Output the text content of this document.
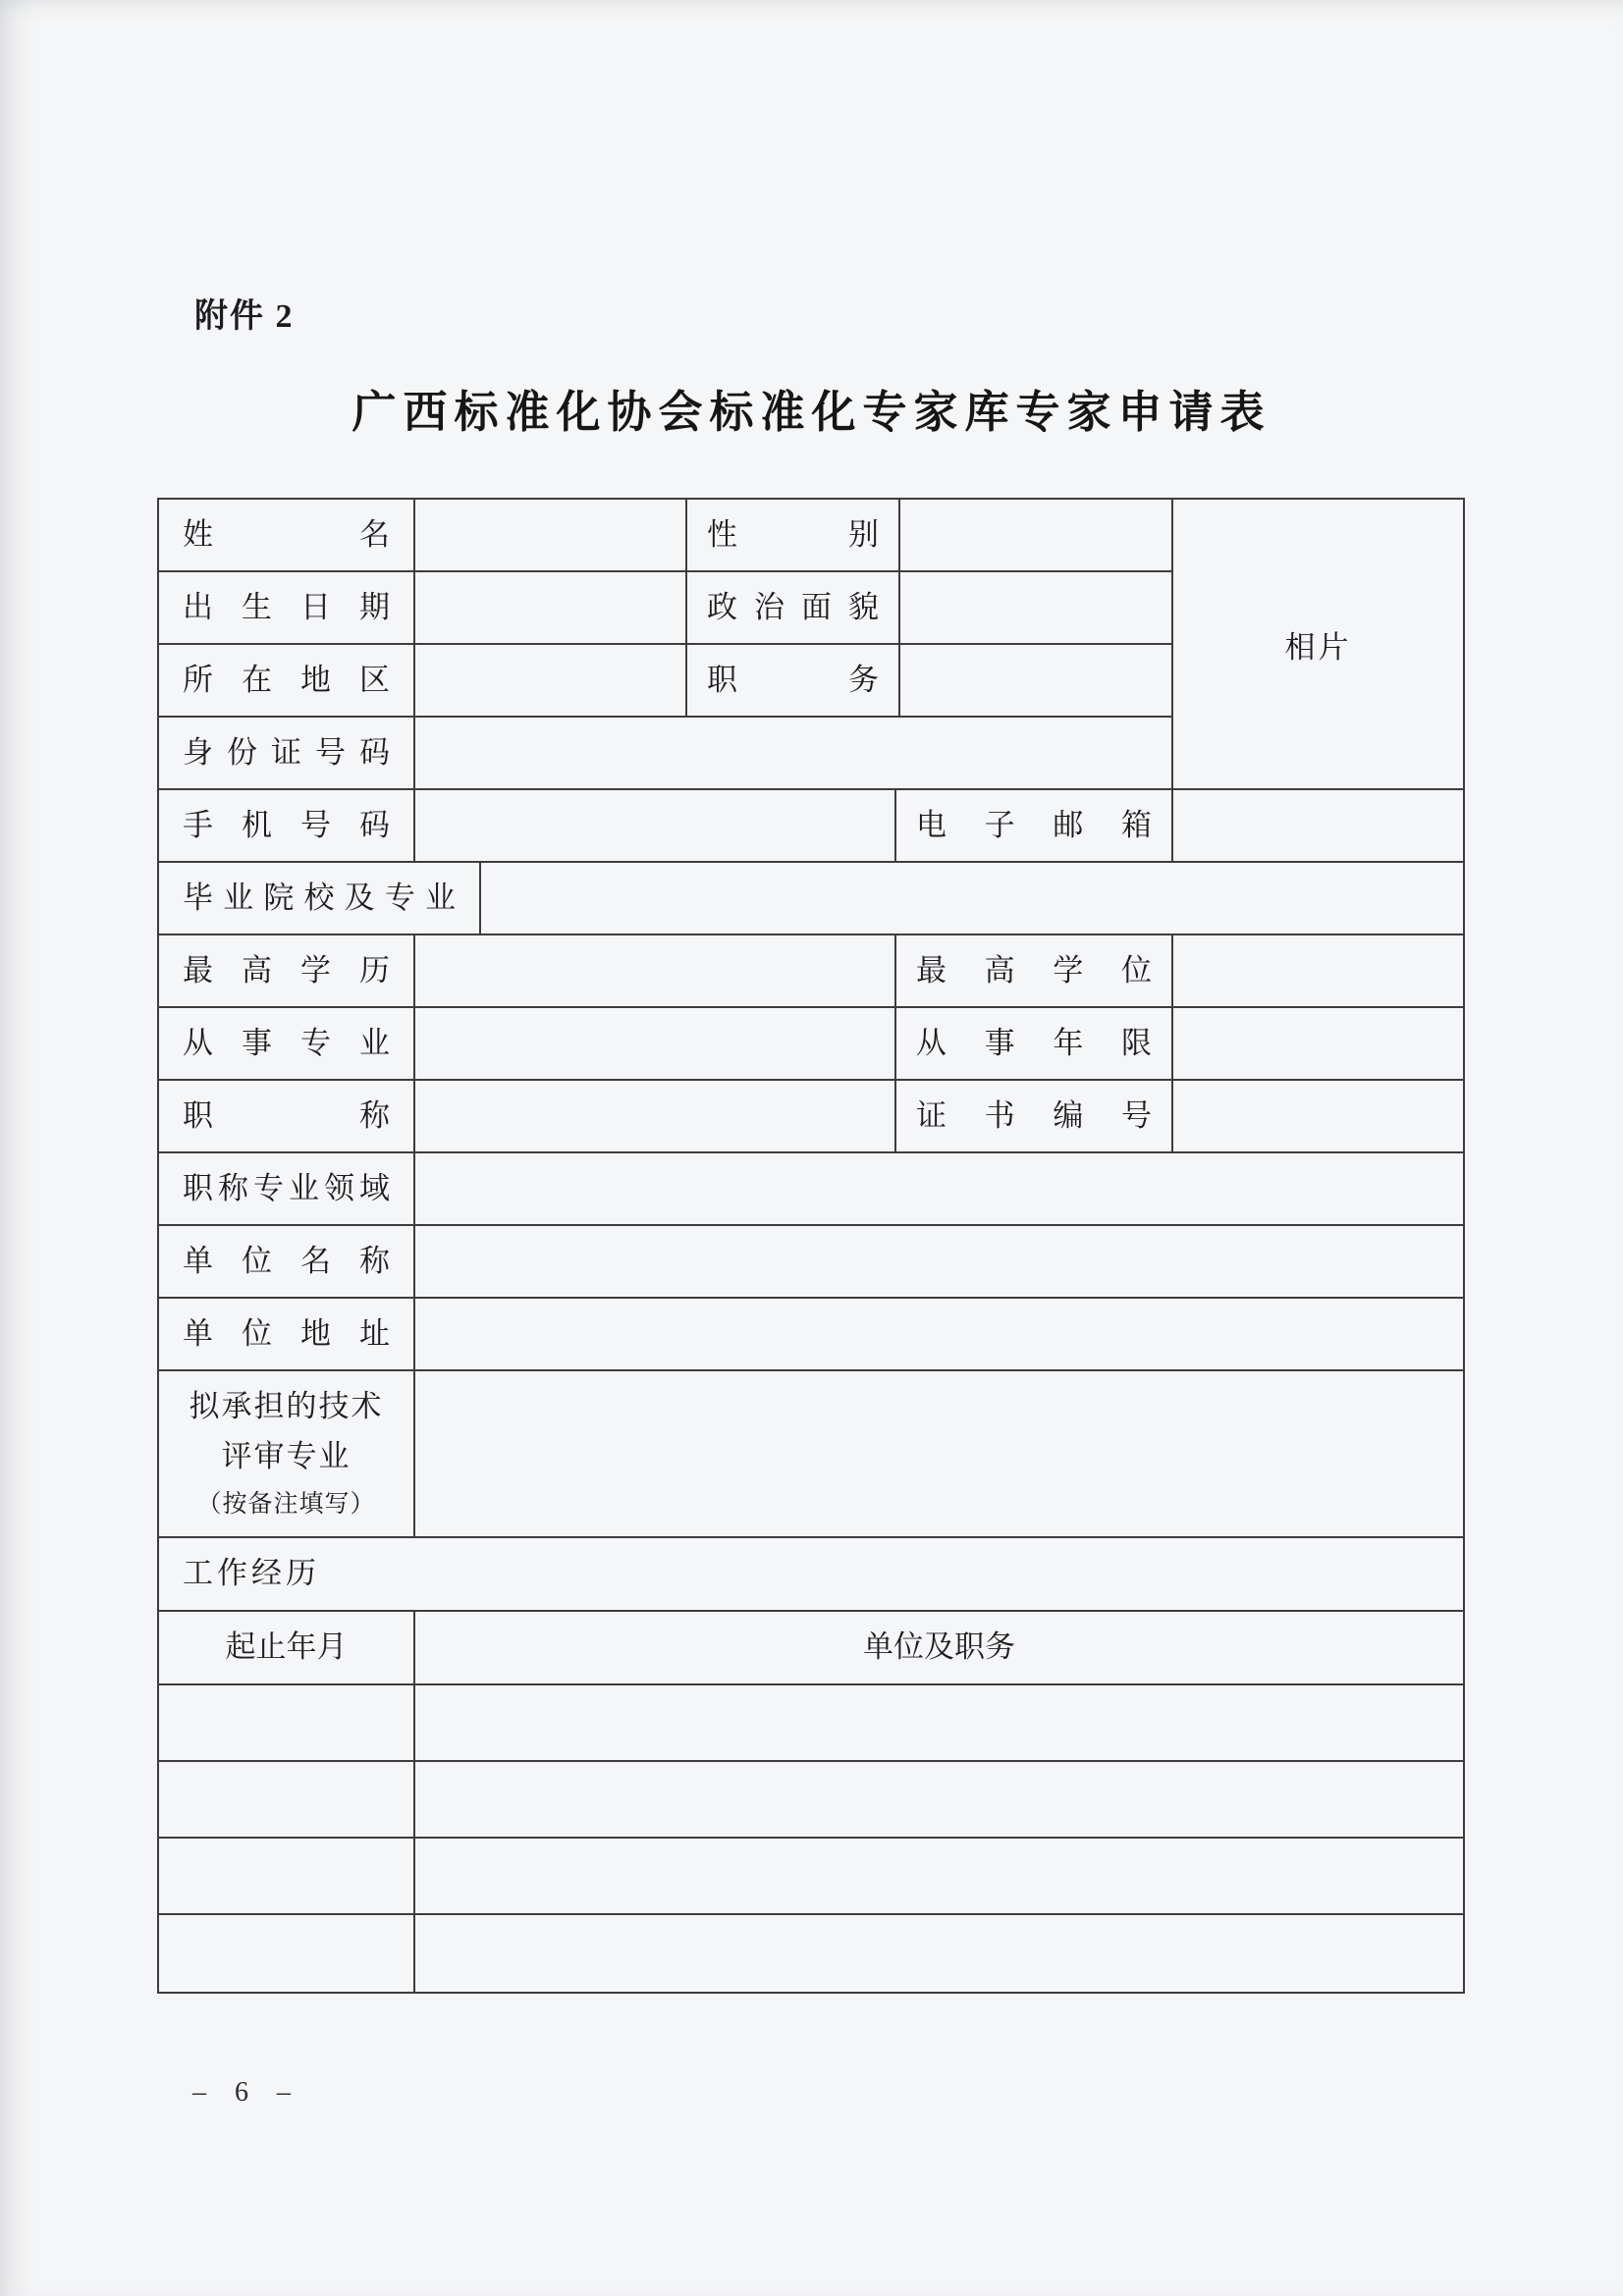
附件 2
广西标准化协会标准化专家库专家申请表
姓　　名	性　　别
出生日期	政治面貌
所在地区	职　　务
身份证号码
相片
手机号码	电子邮箱
毕业院校及专业
最高学历	最高学位
从事专业	从事年限
职　　称	证书编号
职称专业领域
单位名称
单位地址
拟承担的技术
评审专业
（按备注填写）
工作经历
起止年月	单位及职务
– 6 –
